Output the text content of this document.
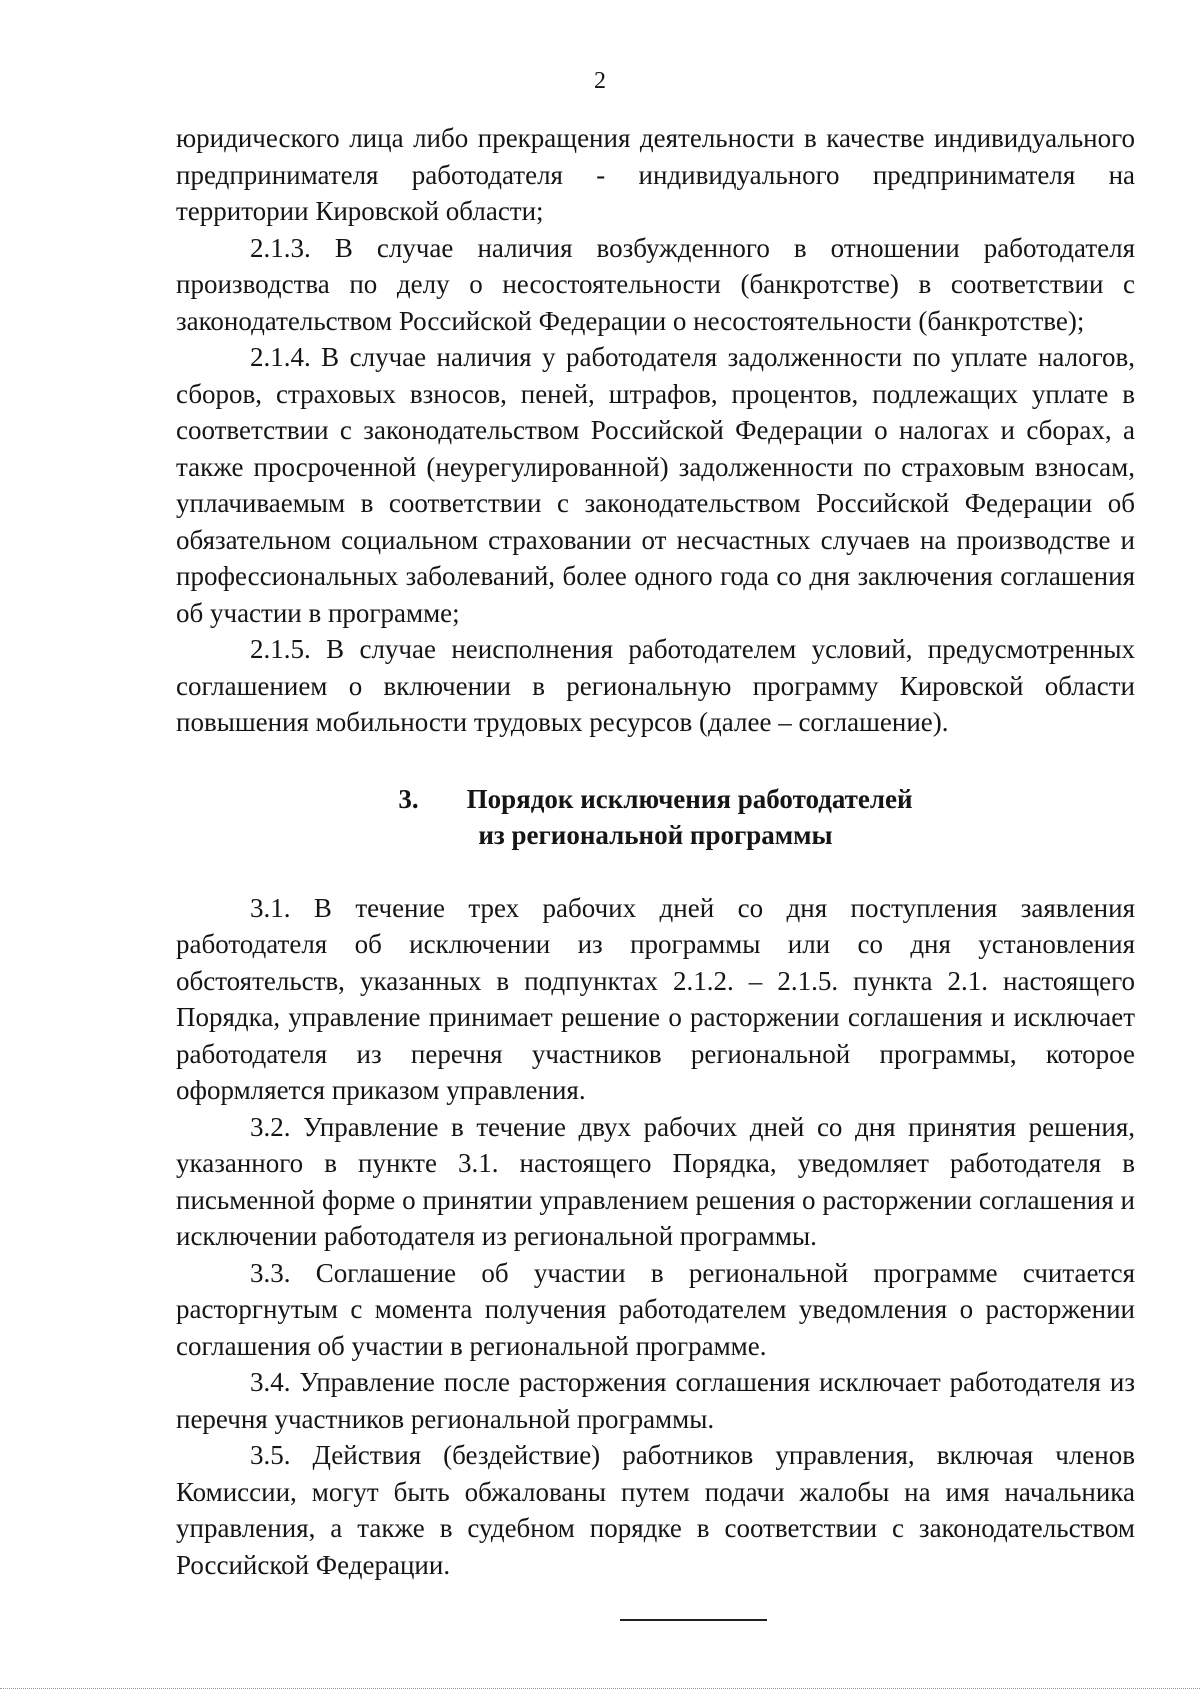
2

юридического лица либо прекращения деятельности в качестве индивидуального предпринимателя работодателя - индивидуального предпринимателя на территории Кировской области;

2.1.3. В случае наличия возбужденного в отношении работодателя производства по делу о несостоятельности (банкротстве) в соответствии с законодательством Российской Федерации о несостоятельности (банкротстве);

2.1.4. В случае наличия у работодателя задолженности по уплате налогов, сборов, страховых взносов, пеней, штрафов, процентов, подлежащих уплате в соответствии с законодательством Российской Федерации о налогах и сборах, а также просроченной (неурегулированной) задолженности по страховым взносам, уплачиваемым в соответствии с законодательством Российской Федерации об обязательном социальном страховании от несчастных случаев на производстве и профессиональных заболеваний, более одного года со дня заключения соглашения об участии в программе;

2.1.5. В случае неисполнения работодателем условий, предусмотренных соглашением о включении в региональную программу Кировской области повышения мобильности трудовых ресурсов (далее – соглашение).

3. Порядок исключения работодателей
из региональной программы

3.1. В течение трех рабочих дней со дня поступления заявления работодателя об исключении из программы или со дня установления обстоятельств, указанных в подпунктах 2.1.2. – 2.1.5. пункта 2.1. настоящего Порядка, управление принимает решение о расторжении соглашения и исключает работодателя из перечня участников региональной программы, которое оформляется приказом управления.

3.2. Управление в течение двух рабочих дней со дня принятия решения, указанного в пункте 3.1. настоящего Порядка, уведомляет работодателя в письменной форме о принятии управлением решения о расторжении соглашения и исключении работодателя из региональной программы.

3.3. Соглашение об участии в региональной программе считается расторгнутым с момента получения работодателем уведомления о расторжении соглашения об участии в региональной программе.

3.4. Управление после расторжения соглашения исключает работодателя из перечня участников региональной программы.

3.5. Действия (бездействие) работников управления, включая членов Комиссии, могут быть обжалованы путем подачи жалобы на имя начальника управления, а также в судебном порядке в соответствии с законодательством Российской Федерации.
